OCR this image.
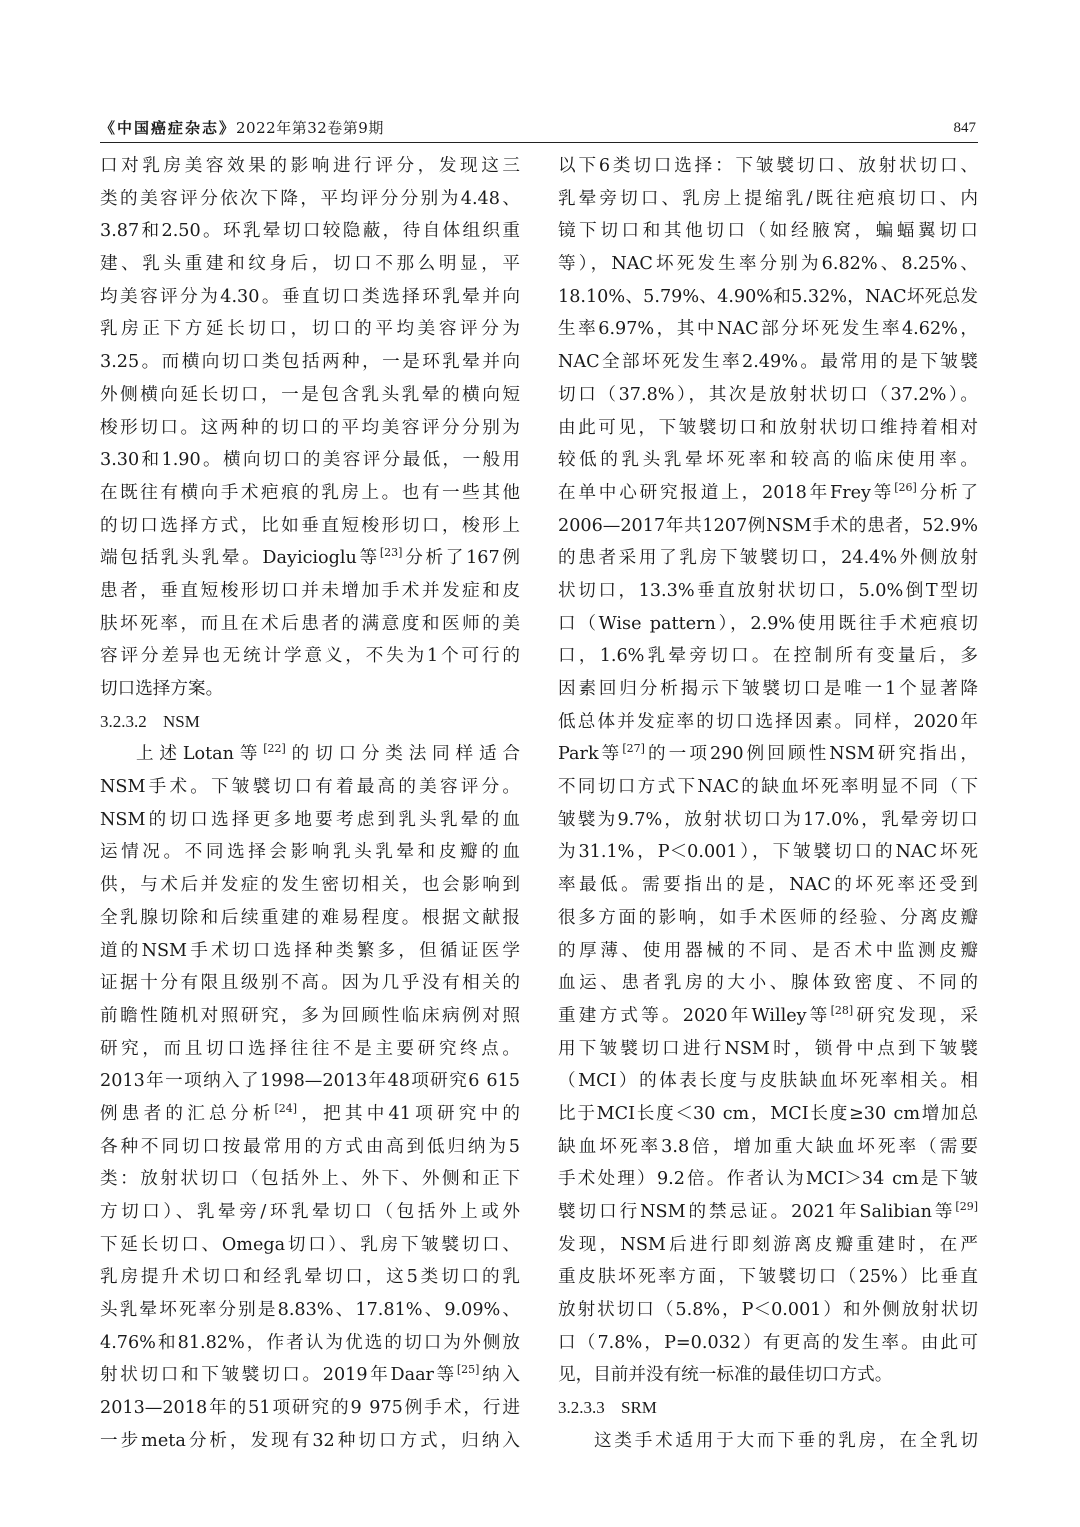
《中国癌症杂志》2022年第32卷第9期	847
口对乳房美容效果的影响进行评分，发现这三
类的美容评分依次下降，平均评分分别为4.48、
3.87和2.50。环乳晕切口较隐蔽，待自体组织重
建、乳头重建和纹身后，切口不那么明显，平
均美容评分为4.30。垂直切口类选择环乳晕并向
乳房正下方延长切口，切口的平均美容评分为
3.25。而横向切口类包括两种，一是环乳晕并向
外侧横向延长切口，一是包含乳头乳晕的横向短
梭形切口。这两种的切口的平均美容评分分别为
3.30和1.90。横向切口的美容评分最低，一般用
在既往有横向手术疤痕的乳房上。也有一些其他
的切口选择方式，比如垂直短梭形切口，梭形上
端包括乳头乳晕。Dayicioglu等[23]分析了167例
患者，垂直短梭形切口并未增加手术并发症和皮
肤坏死率，而且在术后患者的满意度和医师的美
容评分差异也无统计学意义，不失为1个可行的
切口选择方案。
3.2.3.2 NSM
上述Lotan等[22]的切口分类法同样适合
NSM手术。下皱襞切口有着最高的美容评分。
NSM的切口选择更多地要考虑到乳头乳晕的血
运情况。不同选择会影响乳头乳晕和皮瓣的血
供，与术后并发症的发生密切相关，也会影响到
全乳腺切除和后续重建的难易程度。根据文献报
道的NSM手术切口选择种类繁多，但循证医学
证据十分有限且级别不高。因为几乎没有相关的
前瞻性随机对照研究，多为回顾性临床病例对照
研究，而且切口选择往往不是主要研究终点。
2013年一项纳入了1998—2013年48项研究6 615
例患者的汇总分析[24]，把其中41项研究中的
各种不同切口按最常用的方式由高到低归纳为5
类：放射状切口（包括外上、外下、外侧和正下
方切口）、乳晕旁/环乳晕切口（包括外上或外
下延长切口、Omega切口）、乳房下皱襞切口、
乳房提升术切口和经乳晕切口，这5类切口的乳
头乳晕坏死率分别是8.83%、17.81%、9.09%、
4.76%和81.82%，作者认为优选的切口为外侧放
射状切口和下皱襞切口。2019年Daar等[25]纳入
2013—2018年的51项研究的9 975例手术，行进
一步meta分析，发现有32种切口方式，归纳入
以下6类切口选择：下皱襞切口、放射状切口、
乳晕旁切口、乳房上提缩乳/既往疤痕切口、内
镜下切口和其他切口（如经腋窝，蝙蝠翼切口
等），NAC坏死发生率分别为6.82%、8.25%、
18.10%、5.79%、4.90%和5.32%，NAC坏死总发
生率6.97%，其中NAC部分坏死发生率4.62%，
NAC全部坏死发生率2.49%。最常用的是下皱襞
切口（37.8%），其次是放射状切口（37.2%）。
由此可见，下皱襞切口和放射状切口维持着相对
较低的乳头乳晕坏死率和较高的临床使用率。
在单中心研究报道上，2018年Frey等[26]分析了
2006—2017年共1207例NSM手术的患者，52.9%
的患者采用了乳房下皱襞切口，24.4%外侧放射
状切口，13.3%垂直放射状切口，5.0%倒T型切
口（Wise pattern），2.9%使用既往手术疤痕切
口，1.6%乳晕旁切口。在控制所有变量后，多
因素回归分析揭示下皱襞切口是唯一1个显著降
低总体并发症率的切口选择因素。同样，2020年
Park等[27]的一项290例回顾性NSM研究指出，
不同切口方式下NAC的缺血坏死率明显不同（下
皱襞为9.7%，放射状切口为17.0%，乳晕旁切口
为31.1%，P＜0.001），下皱襞切口的NAC坏死
率最低。需要指出的是，NAC的坏死率还受到
很多方面的影响，如手术医师的经验、分离皮瓣
的厚薄、使用器械的不同、是否术中监测皮瓣
血运、患者乳房的大小、腺体致密度、不同的
重建方式等。2020年Willey等[28]研究发现，采
用下皱襞切口进行NSM时，锁骨中点到下皱襞
（MCI）的体表长度与皮肤缺血坏死率相关。相
比于MCI长度＜30 cm，MCI长度≥30 cm增加总
缺血坏死率3.8倍，增加重大缺血坏死率（需要
手术处理）9.2倍。作者认为MCI＞34 cm是下皱
襞切口行NSM的禁忌证。2021年Salibian等[29]
发现，NSM后进行即刻游离皮瓣重建时，在严
重皮肤坏死率方面，下皱襞切口（25%）比垂直
放射状切口（5.8%，P＜0.001）和外侧放射状切
口（7.8%，P=0.032）有更高的发生率。由此可
见，目前并没有统一标准的最佳切口方式。
3.2.3.3 SRM
这类手术适用于大而下垂的乳房，在全乳切
